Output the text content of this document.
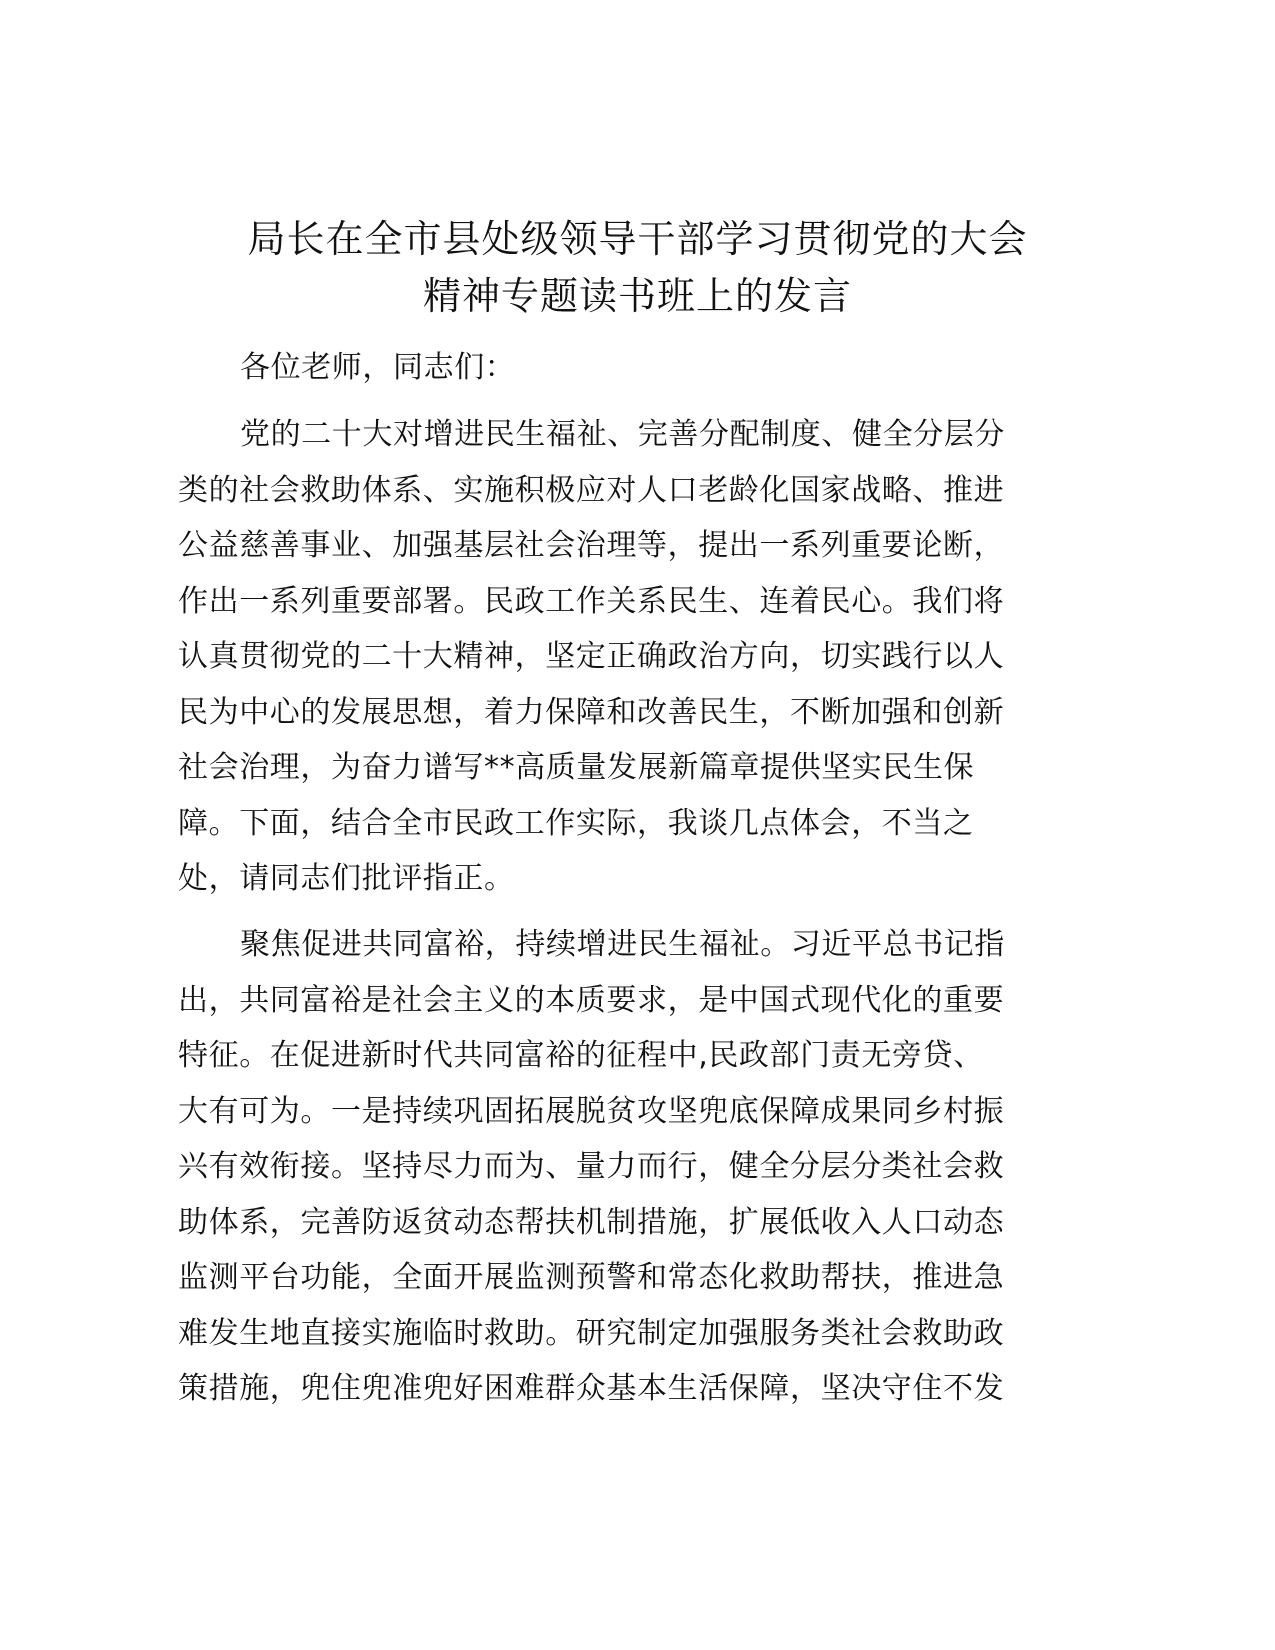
局长在全市县处级领导干部学习贯彻党的大会
精神专题读书班上的发言
各位老师，同志们：
党的二十大对增进民生福祉、完善分配制度、健全分层分
类的社会救助体系、实施积极应对人口老龄化国家战略、推进
公益慈善事业、加强基层社会治理等，提出一系列重要论断，
作出一系列重要部署。民政工作关系民生、连着民心。我们将
认真贯彻党的二十大精神，坚定正确政治方向，切实践行以人
民为中心的发展思想，着力保障和改善民生，不断加强和创新
社会治理，为奋力谱写**高质量发展新篇章提供坚实民生保
障。下面，结合全市民政工作实际，我谈几点体会，不当之
处，请同志们批评指正。
聚焦促进共同富裕，持续增进民生福祉。习近平总书记指
出，共同富裕是社会主义的本质要求，是中国式现代化的重要
特征。在促进新时代共同富裕的征程中,民政部门责无旁贷、
大有可为。一是持续巩固拓展脱贫攻坚兜底保障成果同乡村振
兴有效衔接。坚持尽力而为、量力而行，健全分层分类社会救
助体系，完善防返贫动态帮扶机制措施，扩展低收入人口动态
监测平台功能，全面开展监测预警和常态化救助帮扶，推进急
难发生地直接实施临时救助。研究制定加强服务类社会救助政
策措施，兜住兜准兜好困难群众基本生活保障，坚决守住不发
